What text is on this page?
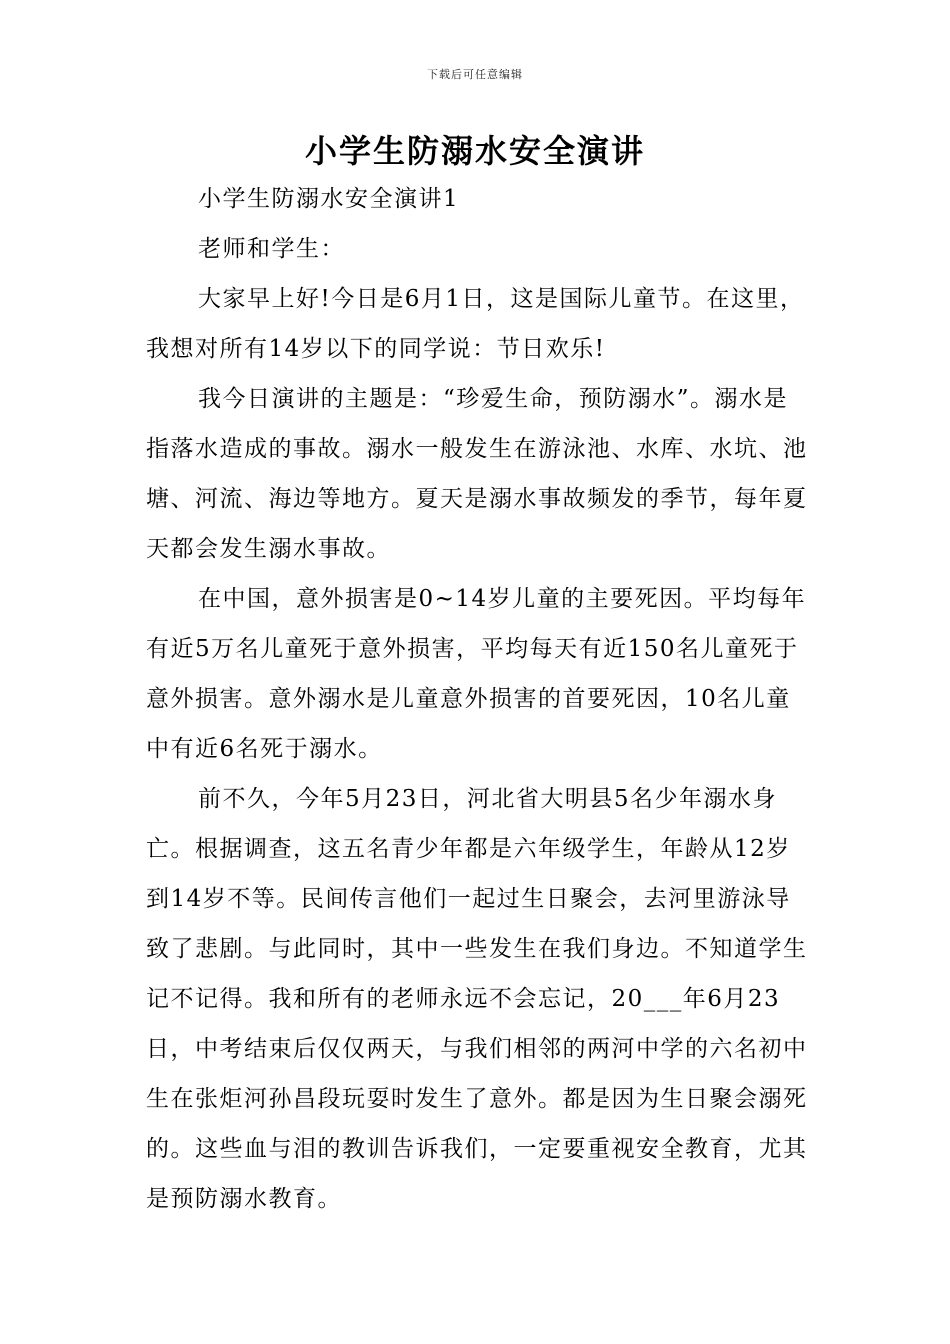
下载后可任意编辑
小学生防溺水安全演讲

小学生防溺水安全演讲1

老师和学生：

大家早上好!今日是6月1日，这是国际儿童节。在这里，我想对所有14岁以下的同学说：节日欢乐!

我今日演讲的主题是：“珍爱生命，预防溺水”。溺水是指落水造成的事故。溺水一般发生在游泳池、水库、水坑、池塘、河流、海边等地方。夏天是溺水事故频发的季节，每年夏天都会发生溺水事故。

在中国，意外损害是0~14岁儿童的主要死因。平均每年有近5万名儿童死于意外损害，平均每天有近150名儿童死于意外损害。意外溺水是儿童意外损害的首要死因，10名儿童中有近6名死于溺水。

前不久，今年5月23日，河北省大明县5名少年溺水身亡。根据调查，这五名青少年都是六年级学生，年龄从12岁到14岁不等。民间传言他们一起过生日聚会，去河里游泳导致了悲剧。与此同时，其中一些发生在我们身边。不知道学生记不记得。我和所有的老师永远不会忘记，20___年6月23日，中考结束后仅仅两天，与我们相邻的两河中学的六名初中生在张炬河孙昌段玩耍时发生了意外。都是因为生日聚会溺死的。这些血与泪的教训告诉我们，一定要重视安全教育，尤其是预防溺水教育。
